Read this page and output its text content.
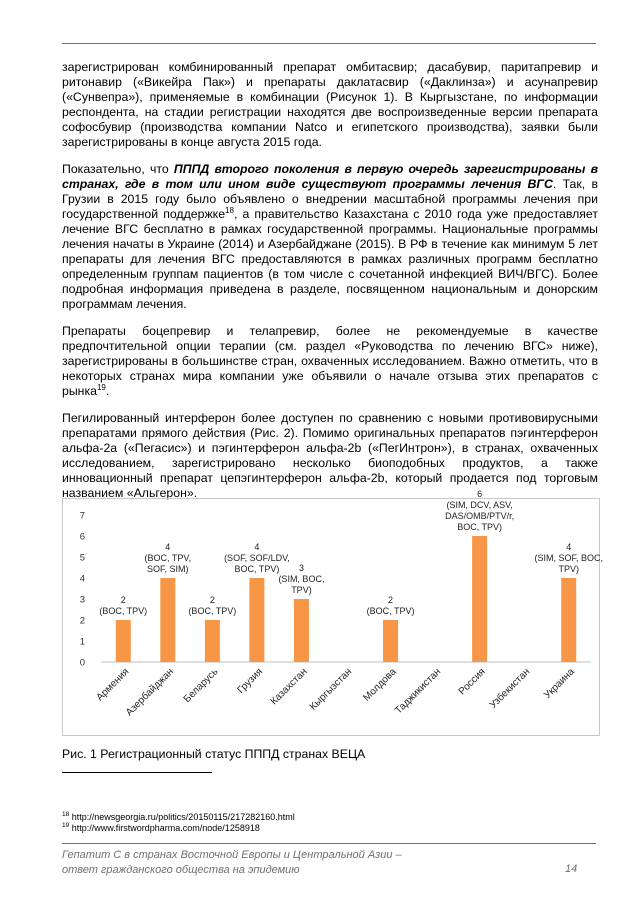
зарегистрирован комбинированный препарат омбитасвир; дасабувир, паритапревир и ритонавир («Викейра Пак») и препараты даклатасвир («Даклинза») и асунапревир («Сунвепра»), применяемые в комбинации (Рисунок 1). В Кыргызстане, по информации респондента, на стадии регистрации находятся две воспроизведенные версии препарата софосбувир (производства компании Natco и египетского производства), заявки были зарегистрированы в конце августа 2015 года.

Показательно, что ПППД второго поколения в первую очередь зарегистрированы в странах, где в том или ином виде существуют программы лечения ВГС. Так, в Грузии в 2015 году было объявлено о внедрении масштабной программы лечения при государственной поддержке$^{18}$, а правительство Казахстана с 2010 года уже предоставляет лечение ВГС бесплатно в рамках государственной программы. Национальные программы лечения начаты в Украине (2014) и Азербайджане (2015). В РФ в течение как минимум 5 лет препараты для лечения ВГС предоставляются в рамках различных программ бесплатно определенным группам пациентов (в том числе с сочетанной инфекцией ВИЧ/ВГС). Более подробная информация приведена в разделе, посвященном национальным и донорским программам лечения.

Препараты боцепревир и телапревир, более не рекомендуемые в качестве предпочтительной опции терапии (см. раздел «Руководства по лечению ВГС» ниже), зарегистрированы в большинстве стран, охваченных исследованием. Важно отметить, что в некоторых странах мира компании уже объявили о начале отзыва этих препаратов с рынка$^{19}$.

Пегилированный интерферон более доступен по сравнению с новыми противовирусными препаратами прямого действия (Рис. 2). Помимо оригинальных препаратов пэгинтерферон альфа-2а («Пегасис») и пэгинтерферон альфа-2b («ПегИнтрон»), в странах, охваченных исследованием, зарегистрировано несколько биоподобных продуктов, а также инновационный препарат цепэгинтерферон альфа-2b, который продается под торговым названием «Альгерон».

0
1
2
3
4
5
6
7
2
(BOC, TPV)
Армения
4
(BOC, TPV,
SOF, SIM)
Азербайджан
2
(BOC, TPV)
Беларусь
4
(SOF, SOF/LDV,
BOC, TPV)
Грузия
3
(SIM, BOC,
TPV)
Казахстан
Кыргызстан
2
(BOC, TPV)
Молдова
Таджикистан
6
(SIM, DCV, ASV,
DAS/OMB/PTV/r,
BOC, TPV)
Россия Узбекистан
4
(SIM, SOF, BOC,
TPV)
Украина
Рис. 1 Регистрационный статус ПППД странах ВЕЦА
$^{18}$ http://newsgeorgia.ru/politics/20150115/217282160.html
$^{19}$ http://www.firstwordpharma.com/node/1258918
Гепатит С в странах Восточной Европы и Центральной Азии –
ответ гражданского общества на эпидемию	14
